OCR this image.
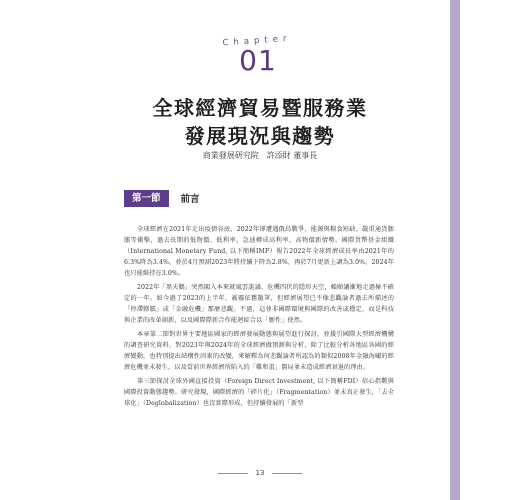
Chapter
01
全球經濟貿易暨服務業
發展現況與趨勢
商業發展研究院　許添財 董事長
第一節	前言

全球經濟在2021年走出疫情谷底，2022年卻遭遇俄烏戰爭、能源與糧食短缺、嚴重通貨膨脹等衝擊，過去長期的低物價、低利率，急速轉成高利率、高物價新情勢。國際貨幣基金組織（International Monetary Fund, 以下簡稱IMF）報告2022年全球經濟成長率由2021年的6.3%降為3.4%，並於4月預測2023年將持續下降為2.8%，再於7月更新上調為3.0%，2024年也只能維持在3.0%。

2022年「黑天鵝」突然闖入本來就風雲詭譎、危機四伏的隱形天空，賴順讓漸地走過極不確定的一年。如今過了2023的上半年，霧霾依舊籠罩，但經濟展望已不像悲觀論者過去所描述的「停滯膨脹」或「金融危機」那麼悲觀。不過，這並非國際環境與國際的改善或穩定，而是科技與企業的改革創新，以及國際際新合作能迴綜合以「韌性」使然。

本章第二節對世界主要地區國家的經濟發展動態與展望進行探討，並援引國際大型經濟機構的調查研究資料，對2023年與2024年的全球經濟做預測與分析，除了比較分析各地區各國的經濟變動，也特別提出結構性因素的改變，來解釋為何悲觀論者所認為的類似2008年金融海嘯的經濟危機並未發生，以及當前世界經濟所陷入的「雞和蛋」僵局並未造成經濟衰退的理由。

第三節探討全球外國直接投資（Foreign Direct Investment, 以下簡稱FDI）信心指數與國際投資動態趨勢。研究發現，國際經濟的「碎片化」（Fragmentation）並未真正發生，「去全球化」（Deglobalization）也沒實際形成，但持續發展的「新型

13
